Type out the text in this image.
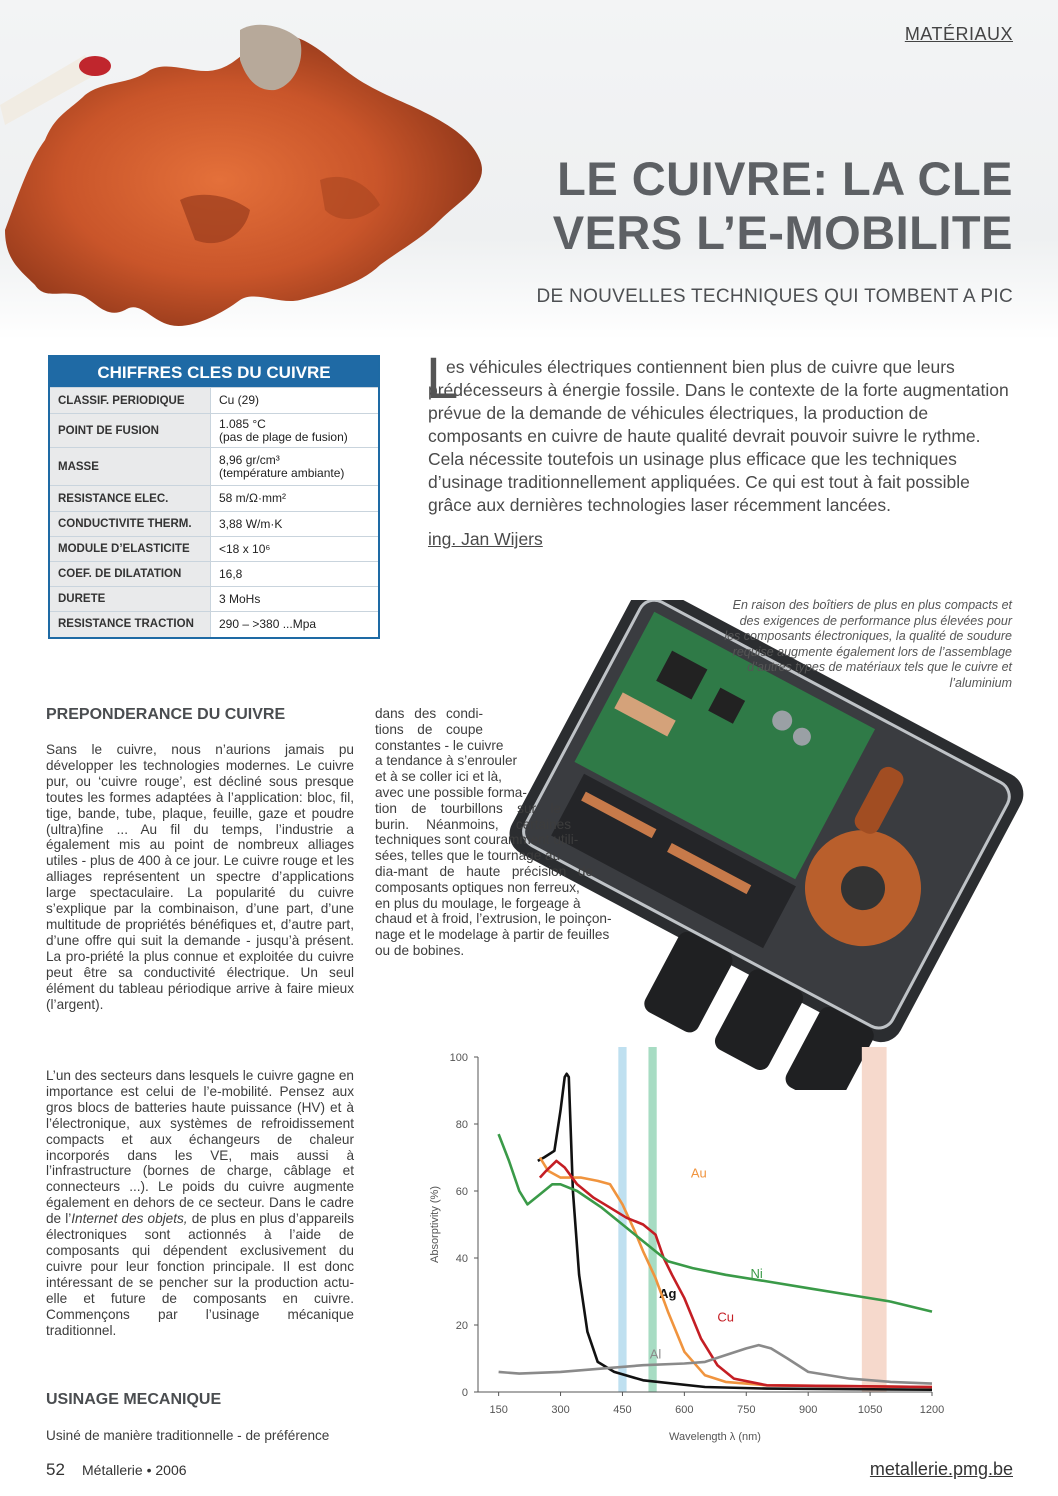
MATÉRIAUX
LE CUIVRE: LA CLE
VERS L’E-MOBILITE
DE NOUVELLES TECHNIQUES QUI TOMBENT A PIC
CHIFFRES CLES DU CUIVRE
CLASSIF. PERIODIQUE	Cu (29)

POINT DE FUSION	1.085 °C
(pas de plage de fusion)

MASSE	8,96 gr/cm³
(température ambiante)

RESISTANCE ELEC.	58 m/Ω·mm²
CONDUCTIVITE THERM.	3,88 W/m·K
MODULE D’ELASTICITE	<18 x 10⁶
COEF. DE DILATATION	16,8
DURETE	3 MoHs
RESISTANCE TRACTION	290 – >380 ...Mpa
L
es véhicules électriques contiennent bien plus de cuivre que leurs prédécesseurs à énergie fossile. Dans le contexte de la forte augmentation prévue de la demande de véhicules électriques, la production de composants en cuivre de haute qualité devrait pouvoir suivre le rythme. Cela nécessite toutefois un usinage plus efficace que les techniques d’usinage traditionnellement appliquées. Ce qui est tout à fait possible grâce aux dernières technologies laser récemment lancées.
ing. Jan Wijers
En raison des boîtiers de plus en plus compacts et des exigences de performance plus élevées pour les composants électroniques, la qualité de soudure requise augmente également lors de l’assemblage d’autres types de matériaux tels que le cuivre et l’aluminium
PREPONDERANCE DU CUIVRE
Sans le cuivre, nous n’aurions jamais pu développer les technologies modernes. Le cuivre pur, ou ‘cuivre rouge’, est décliné sous presque toutes les formes adaptées à l’application: bloc, fil, tige, bande, tube, plaque, feuille, gaze et poudre (ultra)fine ... Au fil du temps, l’industrie a également mis au point de nombreux alliages utiles - plus de 400 à ce jour. Le cuivre rouge et les alliages représentent un spectre d’applications large spectaculaire. La popularité du cuivre s’explique par la combinaison, d’une part, d’une multitude de propriétés bénéfiques et, d’autre part, d’une offre qui suit la demande - jusqu’à présent. La pro-priété la plus connue et exploitée du cuivre peut être sa conductivité électrique. Un seul élément du tableau périodique arrive à faire mieux (l’argent).
L’un des secteurs dans lesquels le cuivre gagne en importance est celui de l’e-mobilité. Pensez aux gros blocs de batteries haute puissance (HV) et à l’électronique, aux systèmes de refroidissement compacts et aux échangeurs de chaleur incorporés dans les VE, mais aussi à l’infrastructure (bornes de charge, câblage et connecteurs ...). Le poids du cuivre augmente également en dehors de ce secteur. Dans le cadre de l’Internet des objets, de plus en plus d’appareils électroniques sont actionnés à l’aide de composants qui dépendent exclusivement du cuivre pour leur fonction principale. Il est donc intéressant de se pencher sur la production actu-elle et future de composants en cuivre. Commençons par l’usinage mécanique traditionnel.
USINAGE MECANIQUE
Usiné de manière traditionnelle - de préférence
dans des condi-
tions de coupe
constantes - le cuivre
a tendance à s’enrouler
et à se coller ici et là,
avec une possible forma-
tion de tourbillons sur le
burin. Néanmoins, certaines
techniques sont couramment utili-
sées, telles que le tournage au
dia-mant de haute précision de
composants optiques non ferreux,
en plus du moulage, le forgeage à
chaud et à froid, l’extrusion, le poinçon-
nage et le modelage à partir de feuilles
ou de bobines.
0
20
40
60
80
100
150	300	450	600	750	900	1050	1200
Wavelength λ (nm)
Absorptivity (%)
Ag
Au
Cu
Ni
Al
52 Métallerie • 2006	metallerie.pmg.be
